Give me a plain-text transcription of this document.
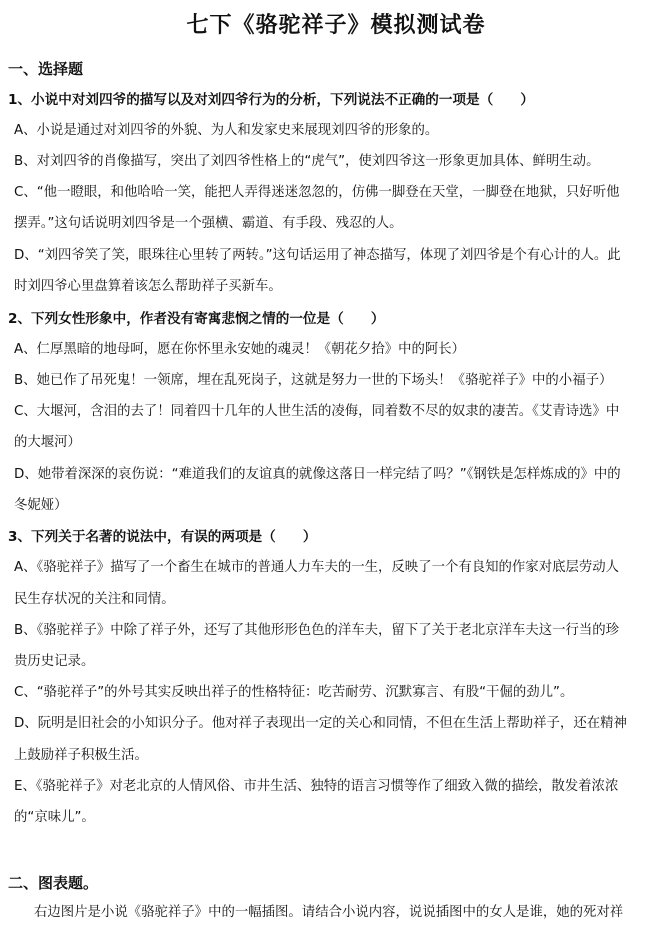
七下《骆驼祥子》模拟测试卷
一、选择题
1、小说中对刘四爷的描写以及对刘四爷行为的分析，下列说法不正确的一项是（　　）
A、小说是通过对刘四爷的外貌、为人和发家史来展现刘四爷的形象的。
B、对刘四爷的肖像描写，突出了刘四爷性格上的“虎气”，使刘四爷这一形象更加具体、鲜明生动。
C、“他一瞪眼，和他哈哈一笑，能把人弄得迷迷忽忽的，仿佛一脚登在天堂，一脚登在地狱，只好听他
摆弄。”这句话说明刘四爷是一个强横、霸道、有手段、残忍的人。
D、“刘四爷笑了笑，眼珠往心里转了两转。”这句话运用了神态描写，体现了刘四爷是个有心计的人。此
时刘四爷心里盘算着该怎么帮助祥子买新车。
2、下列女性形象中，作者没有寄寓悲悯之情的一位是（　　）
A、仁厚黑暗的地母呵，愿在你怀里永安她的魂灵！《朝花夕拾》中的阿长）
B、她已作了吊死鬼！一领席，埋在乱死岗子，这就是努力一世的下场头！《骆驼祥子》中的小福子）
C、大堰河，含泪的去了！同着四十几年的人世生活的凌侮，同着数不尽的奴隶的凄苦。《艾青诗选》中
的大堰河）
D、她带着深深的哀伤说：“难道我们的友谊真的就像这落日一样完结了吗？”《钢铁是怎样炼成的》中的
冬妮娅）
3、下列关于名著的说法中，有误的两项是（　　）
A、《骆驼祥子》描写了一个畜生在城市的普通人力车夫的一生，反映了一个有良知的作家对底层劳动人
民生存状况的关注和同情。
B、《骆驼祥子》中除了祥子外，还写了其他形形色色的洋车夫，留下了关于老北京洋车夫这一行当的珍
贵历史记录。
C、“骆驼祥子”的外号其实反映出祥子的性格特征：吃苦耐劳、沉默寡言、有股“干倔的劲儿”。
D、阮明是旧社会的小知识分子。他对祥子表现出一定的关心和同情，不但在生活上帮助祥子，还在精神
上鼓励祥子积极生活。
E、《骆驼祥子》对老北京的人情风俗、市井生活、独特的语言习惯等作了细致入微的描绘，散发着浓浓
的“京味儿”。
二、图表题。
右边图片是小说《骆驼祥子》中的一幅插图。请结合小说内容，说说插图中的女人是谁，她的死对祥
